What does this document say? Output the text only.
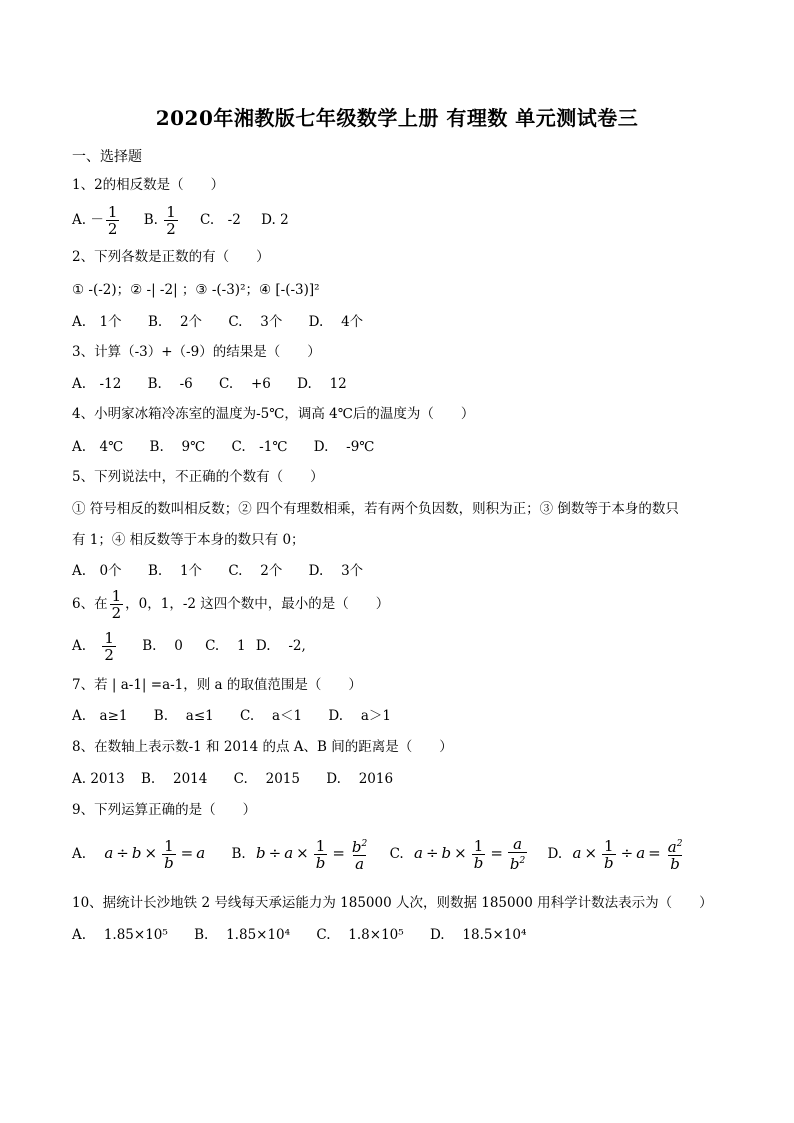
2020年湘教版七年级数学上册 有理数 单元测试卷三
一、选择题
1、2的相反数是（　　）
A. － $\frac{1}{2} B$. $\frac{1}{2} C$.　-2 D. 2
2、下列各数是正数的有（　　）
① -(-2)；② -| -2| ；③ -(-3)²；④ [-(-3)]²
A.　1个 B.　 2个 C.　 3个 D.　 4个
3、计算（-3）+（-9）的结果是（　　）
A.　-12 B.　 -6 C.　 +6 D.　 12
4、小明家冰箱冷冻室的温度为-5℃，调高 4℃后的温度为（　　）
A.　4℃ B.　 9℃ C.　-1℃ D.　 -9℃
5、下列说法中，不正确的个数有（　　）
① 符号相反的数叫相反数；② 四个有理数相乘，若有两个负因数，则积为正；③ 倒数等于本身的数只
有 1；④ 相反数等于本身的数只有 0；
A.　0个 B.　 1个 C.　 2个 D.　 3个
6、在 $\frac{1}{2}$ ，0，1，-2 这四个数中，最小的是（　　）
A. $\frac{1}{2} B$.　 0 C.　 1 D.　 -2,
7、若 | a-1| =a-1，则 a 的取值范围是（　　）
A.　a≥1 B.　 a≤1 C.　 a＜1 D.　 a＞1
8、在数轴上表示数-1 和 2014 的点 A、B 间的距离是（　　）
A. 2013 B.　 2014 C.　 2015 D.　 2016
9、下列运算正确的是（　　）
A. $a \div b \times \frac{1}{b} = a$ B. $b \div a \times \frac{1}{b} = \frac{b^2}{a} C$. $a \div b \times \frac{1}{b} = \frac{a}{b^2} D$. $a \times \frac{1}{b} \div a = \frac{a^2}{b}$
10、据统计长沙地铁 2 号线每天承运能力为 185000 人次，则数据 185000 用科学计数法表示为（　　）
A.　 1.85×10⁵ B.　 1.85×10⁴ C.　 1.8×10⁵ D.　 18.5×10⁴
